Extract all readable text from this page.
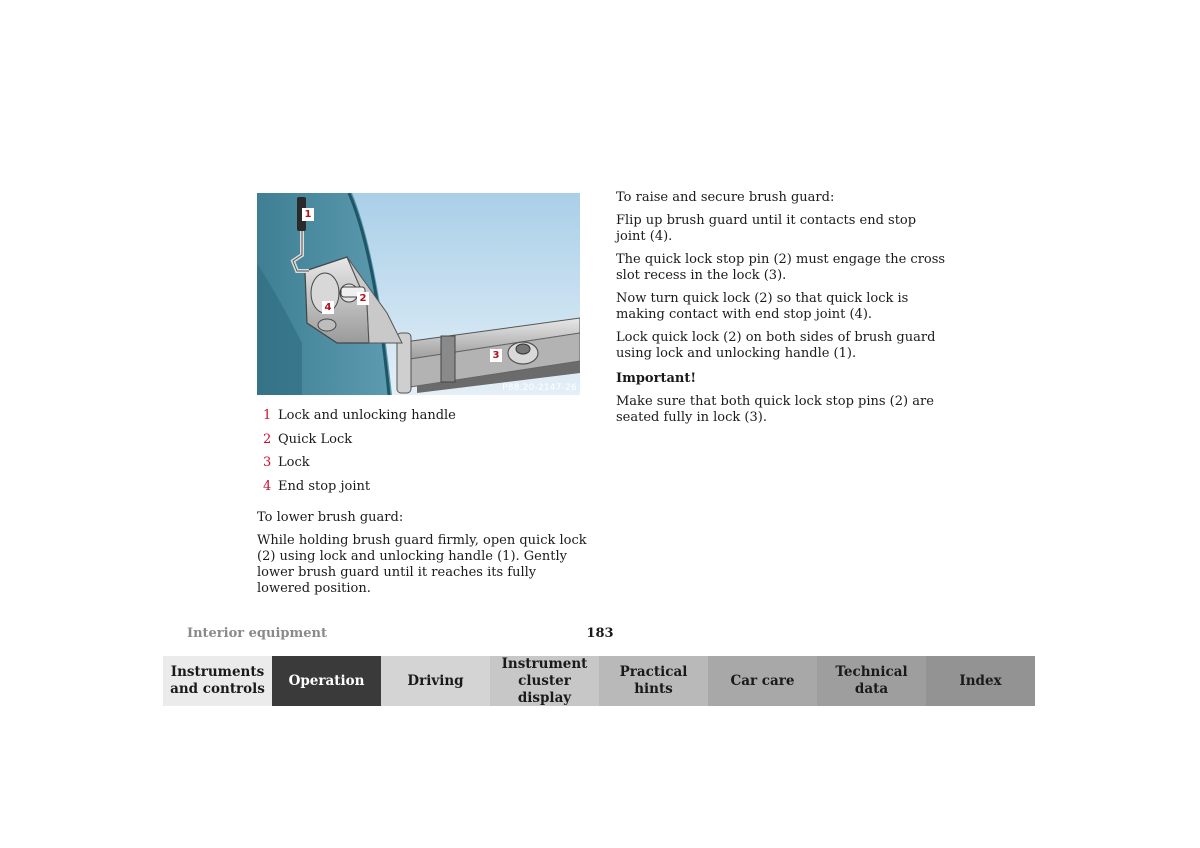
1
2
3
4
P88.20-2147-26
1 Lock and unlocking handle
2 Quick Lock
3 Lock
4 End stop joint

To lower brush guard:

While holding brush guard firmly, open quick lock (2) using lock and unlocking handle (1). Gently lower brush guard until it reaches its fully lowered position.

To raise and secure brush guard:

Flip up brush guard until it contacts end stop joint (4).

The quick lock stop pin (2) must engage the cross slot recess in the lock (3).

Now turn quick lock (2) so that quick lock is making contact with end stop joint (4).

Lock quick lock (2) on both sides of brush guard using lock and unlocking handle (1).

Important!

Make sure that both quick lock stop pins (2) are seated fully in lock (3).

Interior equipment	183
Instruments and controls
Operation	Driving
Instrument cluster display
Practical hints
Car care
Technical data
Index
